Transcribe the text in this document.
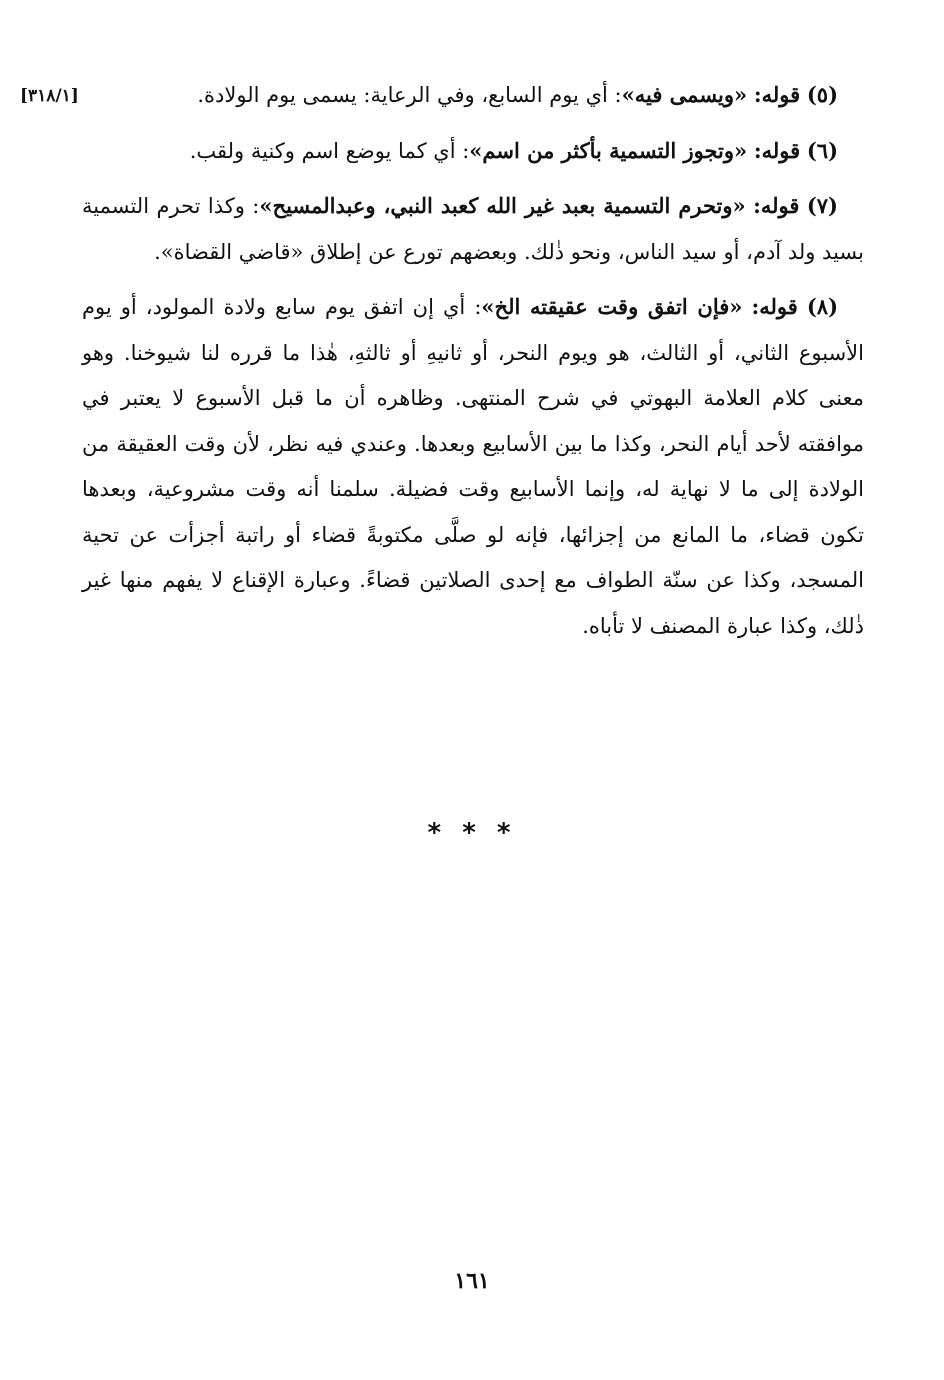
[٣١٨/١]	(٥) قوله: «ويسمى فيه»: أي يوم السابع، وفي الرعاية: يسمى يوم الولادة.

(٦) قوله: «وتجوز التسمية بأكثر من اسم»: أي كما يوضع اسم وكنية ولقب.

(٧) قوله: «وتحرم التسمية بعبد غير الله كعبد النبي، وعبدالمسيح»: وكذا تحرم التسمية بسيد ولد آدم، أو سيد الناس، ونحو ذٰلك. وبعضهم تورع عن إطلاق «قاضي القضاة».

(٨) قوله: «فإن اتفق وقت عقيقته الخ»: أي إن اتفق يوم سابع ولادة المولود، أو يوم الأسبوع الثاني، أو الثالث، هو ويوم النحر، أو ثانيهِ أو ثالثهِ، هٰذا ما قرره لنا شيوخنا. وهو معنى كلام العلامة البهوتي في شرح المنتهى. وظاهره أن ما قبل الأسبوع لا يعتبر في موافقته لأحد أيام النحر، وكذا ما بين الأسابيع وبعدها. وعندي فيه نظر، لأن وقت العقيقة من الولادة إلى ما لا نهاية له، وإنما الأسابيع وقت فضيلة. سلمنا أنه وقت مشروعية، وبعدها تكون قضاء، ما المانع من إجزائها، فإنه لو صلَّى مكتوبةً قضاء أو راتبة أجزأت عن تحية المسجد، وكذا عن سنّة الطواف مع إحدى الصلاتين قضاءً. وعبارة الإقناع لا يفهم منها غير ذٰلك، وكذا عبارة المصنف لا تأباه.

* * *
١٦١
